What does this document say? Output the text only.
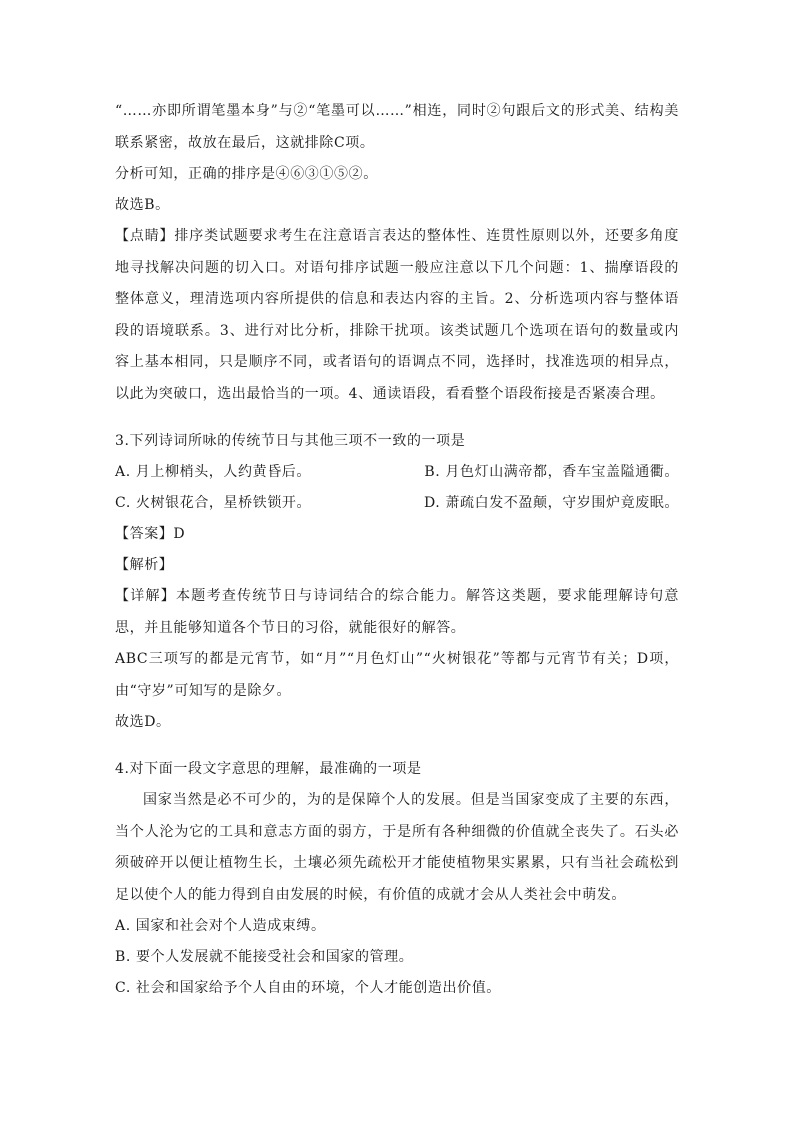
“……亦即所谓笔墨本身”与②“笔墨可以……”相连，同时②句跟后文的形式美、结构美联系紧密，故放在最后，这就排除C项。
分析可知，正确的排序是④⑥③①⑤②。
故选B。
【点睛】排序类试题要求考生在注意语言表达的整体性、连贯性原则以外，还要多角度地寻找解决问题的切入口。对语句排序试题一般应注意以下几个问题：1、揣摩语段的整体意义，理清选项内容所提供的信息和表达内容的主旨。2、分析选项内容与整体语段的语境联系。3、进行对比分析，排除干扰项。该类试题几个选项在语句的数量或内容上基本相同，只是顺序不同，或者语句的语调点不同，选择时，找准选项的相异点，以此为突破口，选出最恰当的一项。4、通读语段，看看整个语段衔接是否紧凑合理。
3.下列诗词所咏的传统节日与其他三项不一致的一项是
A. 月上柳梢头，人约黄昏后。	B. 月色灯山满帝都，香车宝盖隘通衢。
C. 火树银花合，星桥铁锁开。	D. 萧疏白发不盈颠，守岁围炉竟废眠。
【答案】D
【解析】
【详解】本题考查传统节日与诗词结合的综合能力。解答这类题，要求能理解诗句意思，并且能够知道各个节日的习俗，就能很好的解答。
ABC三项写的都是元宵节，如“月”“月色灯山”“火树银花”等都与元宵节有关；D项，由“守岁”可知写的是除夕。
故选D。
4.对下面一段文字意思的理解，最准确的一项是
国家当然是必不可少的，为的是保障个人的发展。但是当国家变成了主要的东西，当个人沦为它的工具和意志方面的弱方，于是所有各种细微的价值就全丧失了。石头必须破碎开以便让植物生长，土壤必须先疏松开才能使植物果实累累，只有当社会疏松到足以使个人的能力得到自由发展的时候，有价值的成就才会从人类社会中萌发。
A. 国家和社会对个人造成束缚。
B. 要个人发展就不能接受社会和国家的管理。
C. 社会和国家给予个人自由的环境，个人才能创造出价值。
